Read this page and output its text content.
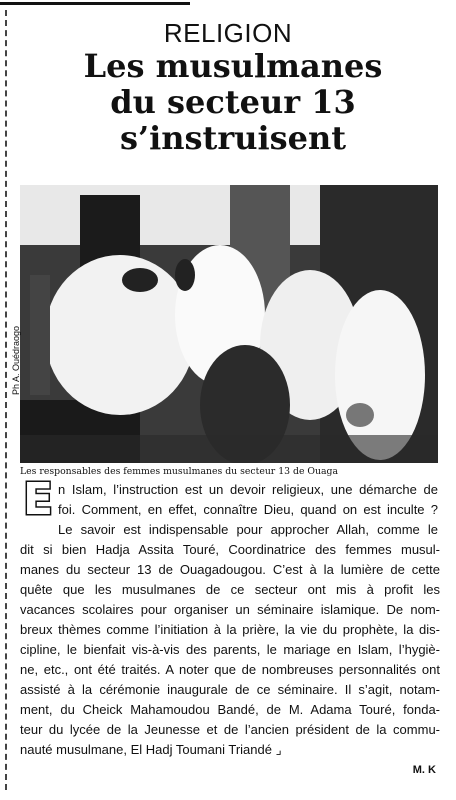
RELIGION
Les musulmanes
du secteur 13
s’instruisent
Ph A. Ouédraogo
Les responsables des femmes musulmanes du secteur 13 de Ouaga
E n Islam, l’instruction est un devoir religieux, une démarche de
foi. Comment, en effet, connaître Dieu, quand on est inculte ?
Le savoir est indispensable pour approcher Allah, comme le
dit si bien Hadja Assita Touré, Coordinatrice des femmes musul-
manes du secteur 13 de Ouagadougou. C’est à la lumière de cette
quête que les musulmanes de ce secteur ont mis à profit les
vacances scolaires pour organiser un séminaire islamique. De nom-
breux thèmes comme l’initiation à la prière, la vie du prophète, la dis-
cipline, le bienfait vis-à-vis des parents, le mariage en Islam, l’hygiè-
ne, etc., ont été traités. A noter que de nombreuses personnalités ont
assisté à la cérémonie inaugurale de ce séminaire. Il s’agit, notam-
ment, du Cheick Mahamoudou Bandé, de M. Adama Touré, fonda-
teur du lycée de la Jeunesse et de l’ancien président de la commu-
nauté musulmane, El Hadj Toumani Triandé ⌟
M. K
